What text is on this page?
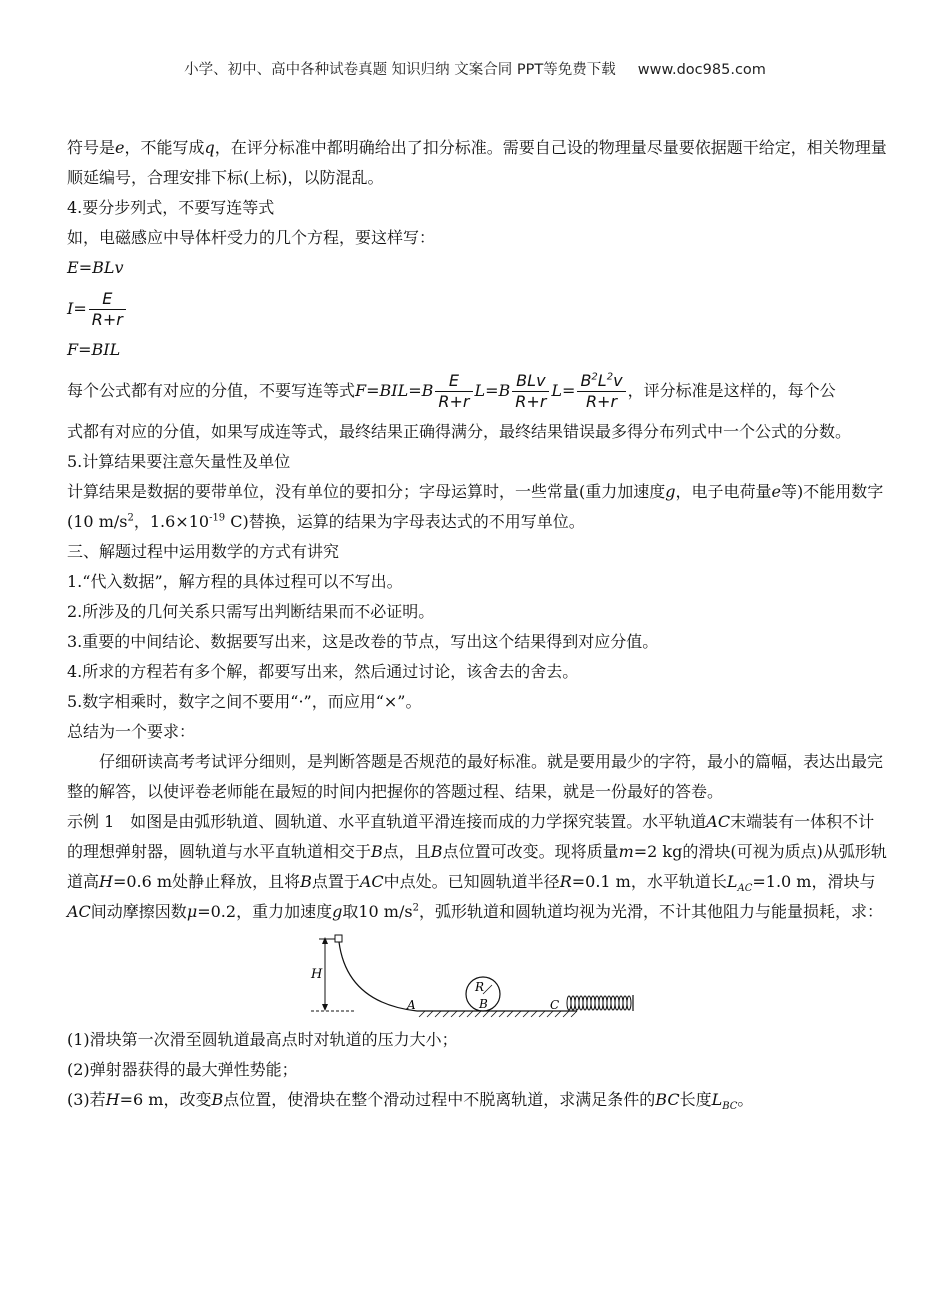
小学、初中、高中各种试卷真题 知识归纳 文案合同 PPT等免费下载 www.doc985.com

符号是e，不能写成q，在评分标准中都明确给出了扣分标准。需要自己设的物理量尽量要依据题干给定，相关物理量顺延编号，合理安排下标(上标)，以防混乱。

4.要分步列式，不要写连等式

如，电磁感应中导体杆受力的几个方程，要这样写：

E=BLv

$I= \frac{E}{R+r}$

F=BIL

每个公式都有对应的分值，不要写连等式$F=BIL=B \frac{E}{R+r} L=B \frac{\text{BLv}}{R+r} L= \frac{B^2L^2v}{R+r}$ ，评分标准是这样的，每个公

式都有对应的分值，如果写成连等式，最终结果正确得满分，最终结果错误最多得分布列式中一个公式的分数。

5.计算结果要注意矢量性及单位

计算结果是数据的要带单位，没有单位的要扣分；字母运算时，一些常量(重力加速度g，电子电荷量e等)不能用数字(10 $m/s^2$，$1.6\times 10^{-19}$ C)替换，运算的结果为字母表达式的不用写单位。

三、解题过程中运用数学的方式有讲究

1.“代入数据”，解方程的具体过程可以不写出。

2.所涉及的几何关系只需写出判断结果而不必证明。

3.重要的中间结论、数据要写出来，这是改卷的节点，写出这个结果得到对应分值。

4.所求的方程若有多个解，都要写出来，然后通过讨论，该舍去的舍去。

5.数字相乘时，数字之间不要用“·”，而应用“×”。

总结为一个要求：

仔细研读高考考试评分细则，是判断答题是否规范的最好标准。就是要用最少的字符，最小的篇幅，表达出最完整的解答，以使评卷老师能在最短的时间内把握你的答题过程、结果，就是一份最好的答卷。

示例 1　如图是由弧形轨道、圆轨道、水平直轨道平滑连接而成的力学探究装置。水平轨道AC末端装有一体积不计的理想弹射器，圆轨道与水平直轨道相交于B点，且B点位置可改变。现将质量m=2 kg的滑块(可视为质点)从弧形轨道高H=0.6 m处静止释放，且将B点置于AC中点处。已知圆轨道半径R=0.1 m，水平轨道长$L_{AC}=1.0$ m，滑块与AC间动摩擦因数μ=0.2，重力加速度g取10 $m/s^2$，弧形轨道和圆轨道均视为光滑，不计其他阻力与能量损耗，求：

H
R
A	B	C

(1)滑块第一次滑至圆轨道最高点时对轨道的压力大小；

(2)弹射器获得的最大弹性势能；

(3)若H=6 m，改变B点位置，使滑块在整个滑动过程中不脱离轨道，求满足条件的BC长度$L_{BC}$。
